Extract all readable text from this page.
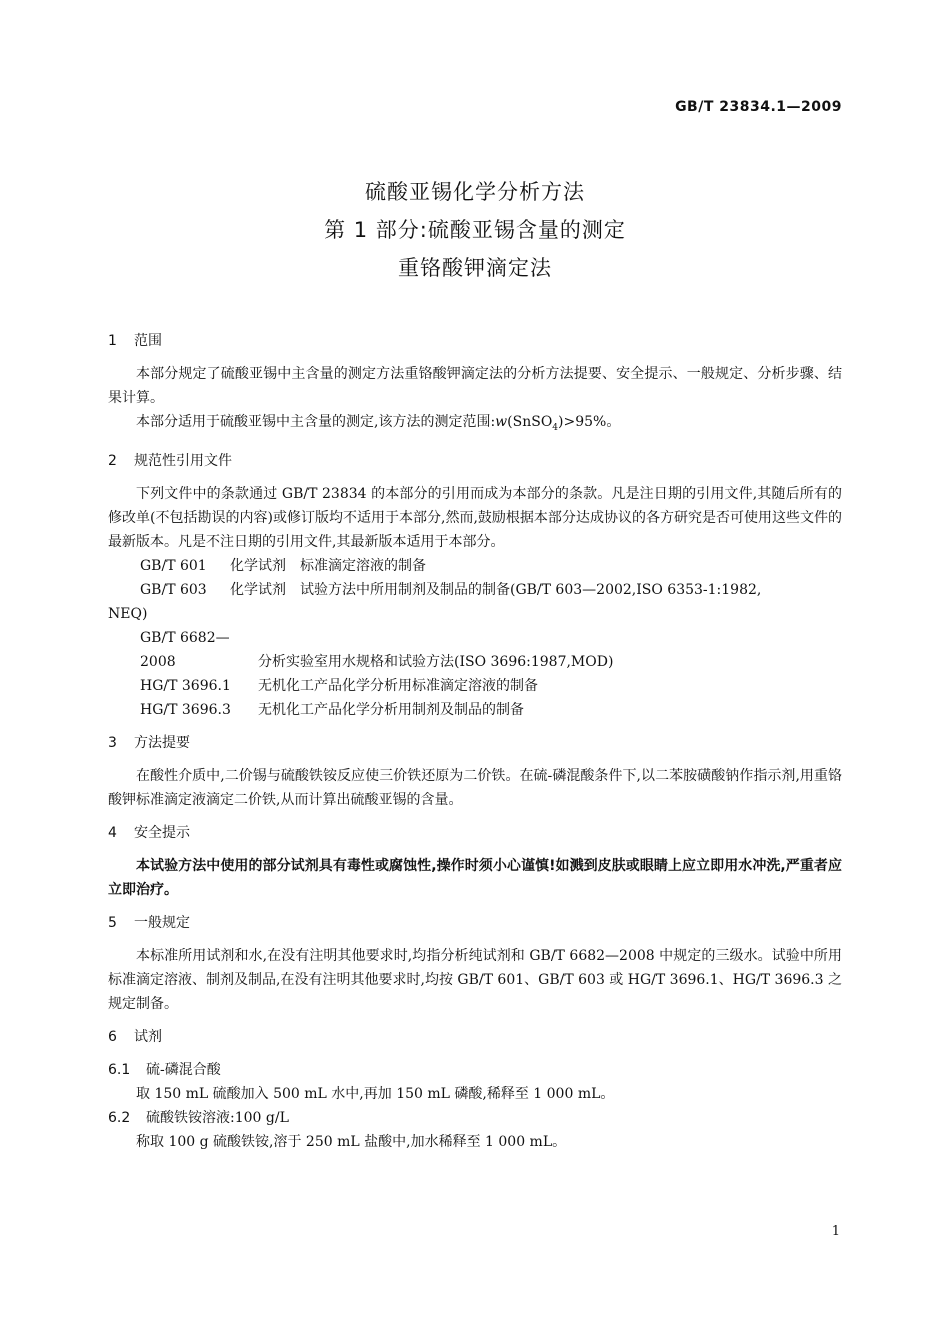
GB/T 23834.1—2009
硫酸亚锡化学分析方法
第 1 部分:硫酸亚锡含量的测定
重铬酸钾滴定法
1 范围

本部分规定了硫酸亚锡中主含量的测定方法重铬酸钾滴定法的分析方法提要、安全提示、一般规定、分析步骤、结果计算。

本部分适用于硫酸亚锡中主含量的测定,该方法的测定范围:w(SnSO$_4$)>95%。

2 规范性引用文件

下列文件中的条款通过 GB/T 23834 的本部分的引用而成为本部分的条款。凡是注日期的引用文件,其随后所有的修改单(不包括勘误的内容)或修订版均不适用于本部分,然而,鼓励根据本部分达成协议的各方研究是否可使用这些文件的最新版本。凡是不注日期的引用文件,其最新版本适用于本部分。

GB/T 601 化学试剂　标准滴定溶液的制备

GB/T 603 化学试剂　试验方法中所用制剂及制品的制备(GB/T 603—2002,ISO 6353-1:1982,

NEQ)

GB/T 6682—2008	分析实验室用水规格和试验方法(ISO 3696:1987,MOD)

HG/T 3696.1 无机化工产品化学分析用标准滴定溶液的制备

HG/T 3696.3 无机化工产品化学分析用制剂及制品的制备

3 方法提要

在酸性介质中,二价锡与硫酸铁铵反应使三价铁还原为二价铁。在硫-磷混酸条件下,以二苯胺磺酸钠作指示剂,用重铬酸钾标准滴定液滴定二价铁,从而计算出硫酸亚锡的含量。

4 安全提示

本试验方法中使用的部分试剂具有毒性或腐蚀性,操作时须小心谨慎!如溅到皮肤或眼睛上应立即用水冲洗,严重者应立即治疗。

5 一般规定

本标准所用试剂和水,在没有注明其他要求时,均指分析纯试剂和 GB/T 6682—2008 中规定的三级水。试验中所用标准滴定溶液、制剂及制品,在没有注明其他要求时,均按 GB/T 601、GB/T 603 或 HG/T 3696.1、HG/T 3696.3 之规定制备。

6 试剂

6.1 硫-磷混合酸

取 150 mL 硫酸加入 500 mL 水中,再加 150 mL 磷酸,稀释至 1 000 mL。

6.2 硫酸铁铵溶液:100 g/L

称取 100 g 硫酸铁铵,溶于 250 mL 盐酸中,加水稀释至 1 000 mL。

1
